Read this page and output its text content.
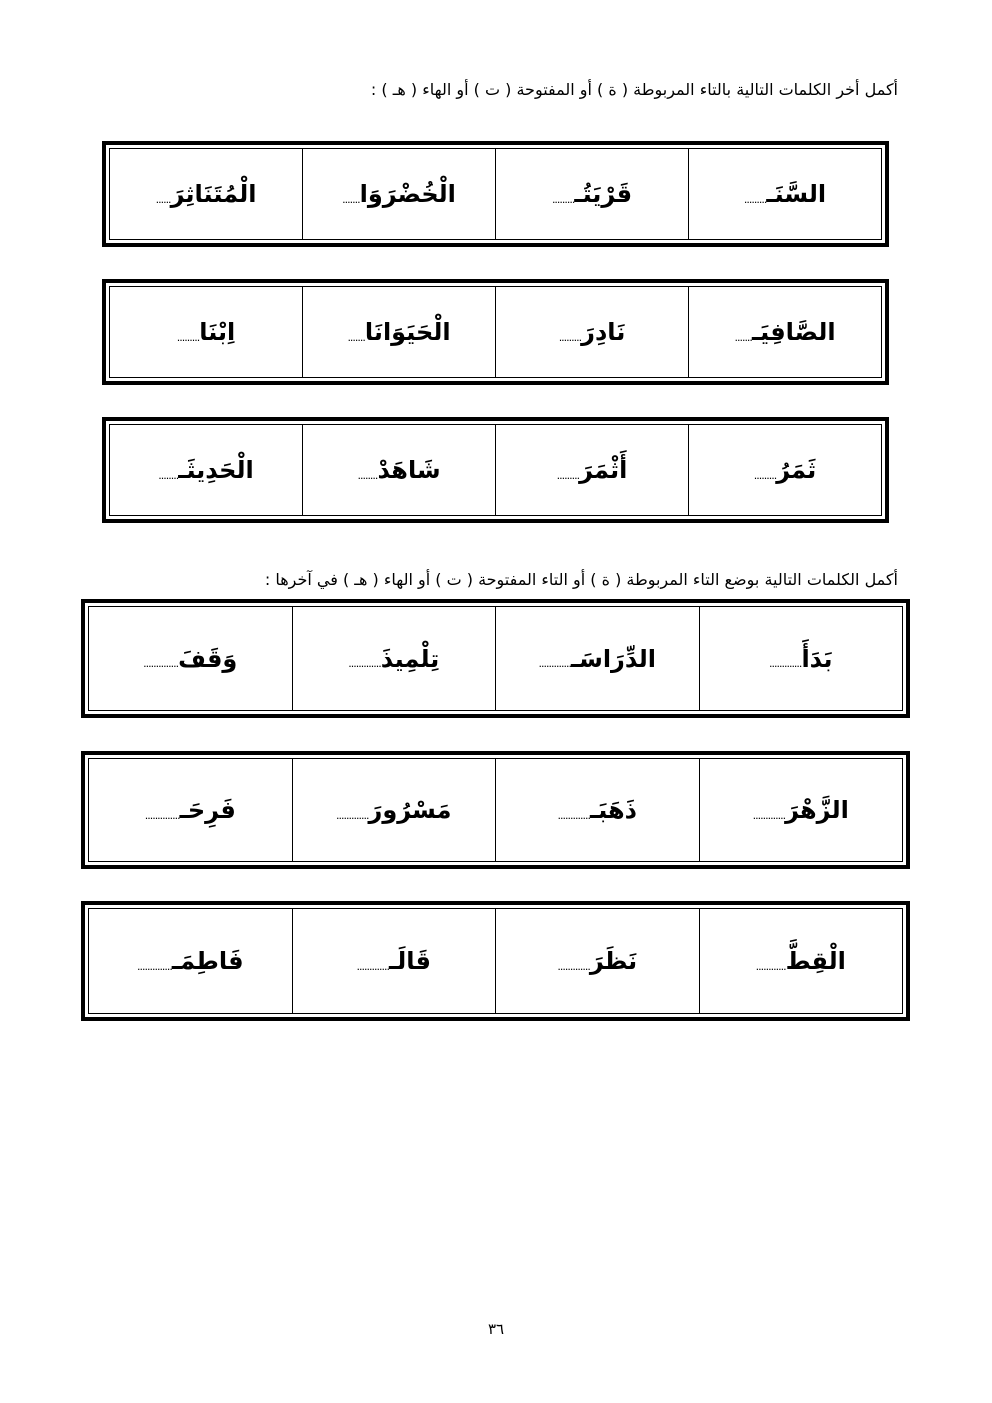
أكمل أخر الكلمات التالية بالتاء المربوطة ( ة ) أو المفتوحة ( ت ) أو الهاء ( هـ ) :
السَّنَـ
.........
قَرْيَتُـ
.........
الْخُضْرَوَا
.......
الْمُتَنَاثِرَ
......
الصَّافِيَـ
.......
نَادِرَ
.........
الْحَيَوَانَا
.......
اِبْنَا
.........
ثَمَرُ
.........
أَثْمَرَ
.........
شَاهَدْ
........
الْحَدِيثَـ
........
أكمل الكلمات التالية بوضع التاء المربوطة ( ة ) أو التاء المفتوحة ( ت ) أو الهاء ( هـ ) في آخرها :
بَدَأَ
.............
الدِّرَاسَـ
.............
تِلْمِيذَ
.............
وَقَفَ
..............
الزَّهْرَ
.............
ذَهَبَـ
.............
مَسْرُورَ
.............
فَرِحَـ
..............
الْقِطَّ
............
نَظَرَ
.............
قَالَـ
.............
فَاطِمَـ
..............
٣٦
